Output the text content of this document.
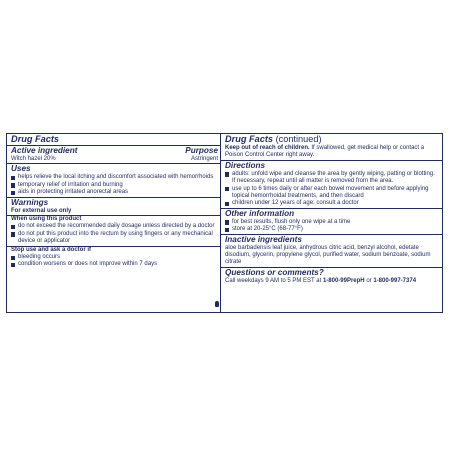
Drug Facts
Active ingredient	Purpose
Witch hazel 20%	Astringent
Uses
helps relieve the local itching and discomfort associated with hemorrhoids
temporary relief of irritation and burning
aids in protecting irritated anorectal areas
Warnings
For external use only
When using this product
do not exceed the recommended daily dosage unless directed by a doctor
do not put this product into the rectum by using fingers or any mechanical device or applicator
Stop use and ask a doctor if
bleeding occurs
condition worsens or does not improve within 7 days
Drug Facts (continued)
Keep out of reach of children. If swallowed, get medical help or contact a Poison Control Center right away.
Directions
adults: unfold wipe and cleanse the area by gently wiping, patting or blotting. If necessary, repeat until all matter is removed from the area.
use up to 6 times daily or after each bowel movement and before applying topical hemorrhoidal treatments, and then discard
children under 12 years of age: consult a doctor
Other information
for best results, flush only one wipe at a time
store at 20-25°C (68-77°F)
Inactive ingredients
aloe barbadensis leaf juice, anhydrous citric acid, benzyl alcohol, edetate disodium, glycerin, propylene glycol, purified water, sodium benzoate, sodium citrate
Questions or comments?
Call weekdays 9 AM to 5 PM EST at 1-800-99PrepH or 1-800-997-7374
